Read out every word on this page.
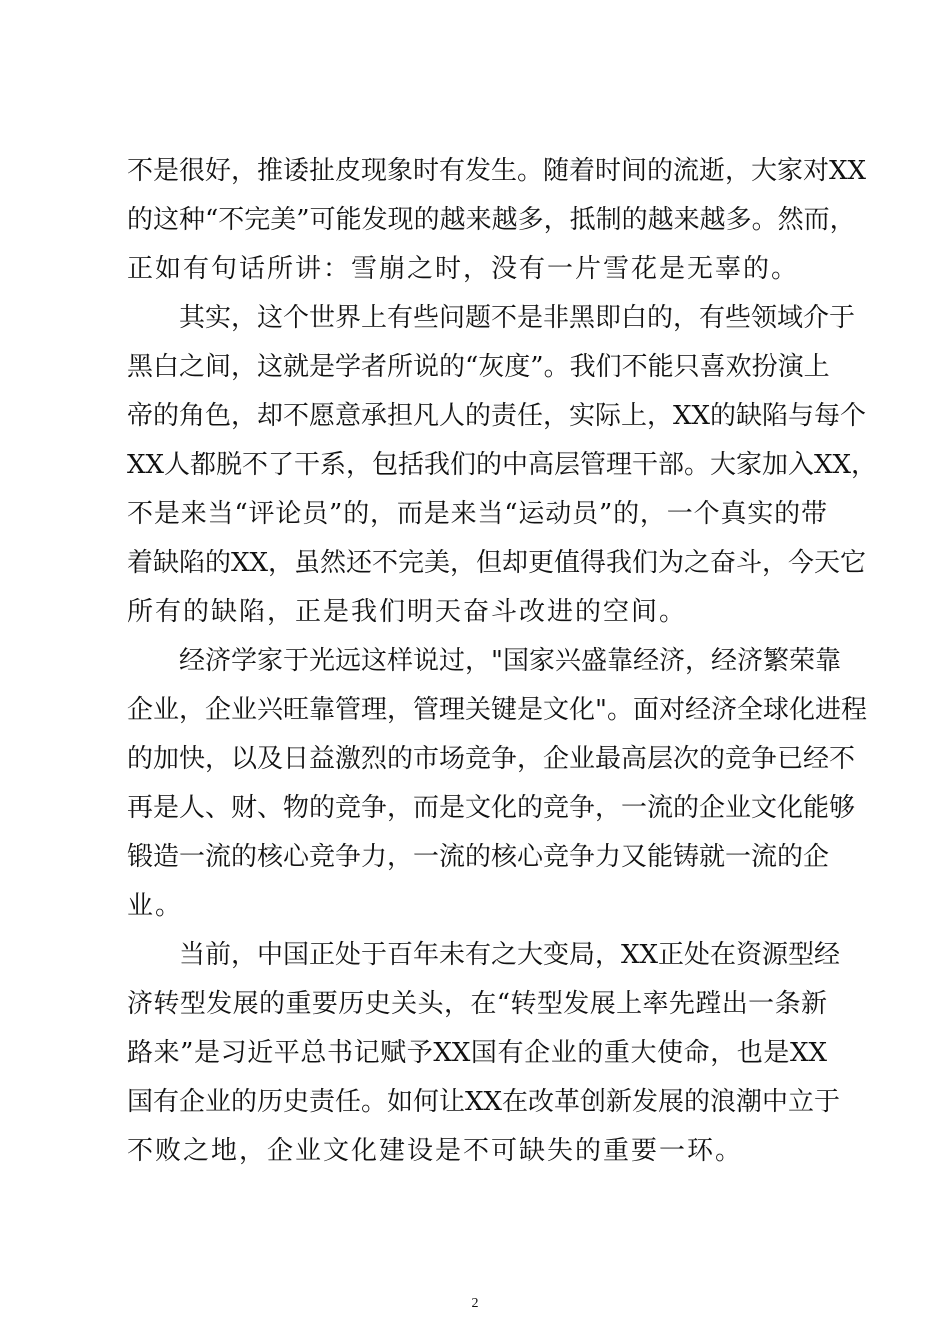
不是很好，推诿扯皮现象时有发生。随着时间的流逝，大家对XX
的这种“不完美”可能发现的越来越多，抵制的越来越多。然而，
正如有句话所讲：雪崩之时，没有一片雪花是无辜的。
其实，这个世界上有些问题不是非黑即白的，有些领域介于
黑白之间，这就是学者所说的“灰度”。我们不能只喜欢扮演上
帝的角色，却不愿意承担凡人的责任，实际上，XX的缺陷与每个
XX人都脱不了干系，包括我们的中高层管理干部。大家加入XX，
不是来当“评论员”的，而是来当“运动员”的，一个真实的带
着缺陷的XX，虽然还不完美，但却更值得我们为之奋斗，今天它
所有的缺陷，正是我们明天奋斗改进的空间。
经济学家于光远这样说过，"国家兴盛靠经济，经济繁荣靠
企业，企业兴旺靠管理，管理关键是文化"。面对经济全球化进程
的加快，以及日益激烈的市场竞争，企业最高层次的竞争已经不
再是人、财、物的竞争，而是文化的竞争，一流的企业文化能够
锻造一流的核心竞争力，一流的核心竞争力又能铸就一流的企
业。
当前，中国正处于百年未有之大变局，XX正处在资源型经
济转型发展的重要历史关头，在“转型发展上率先蹚出一条新
路来”是习近平总书记赋予XX国有企业的重大使命，也是XX
国有企业的历史责任。如何让XX在改革创新发展的浪潮中立于
不败之地，企业文化建设是不可缺失的重要一环。
2
